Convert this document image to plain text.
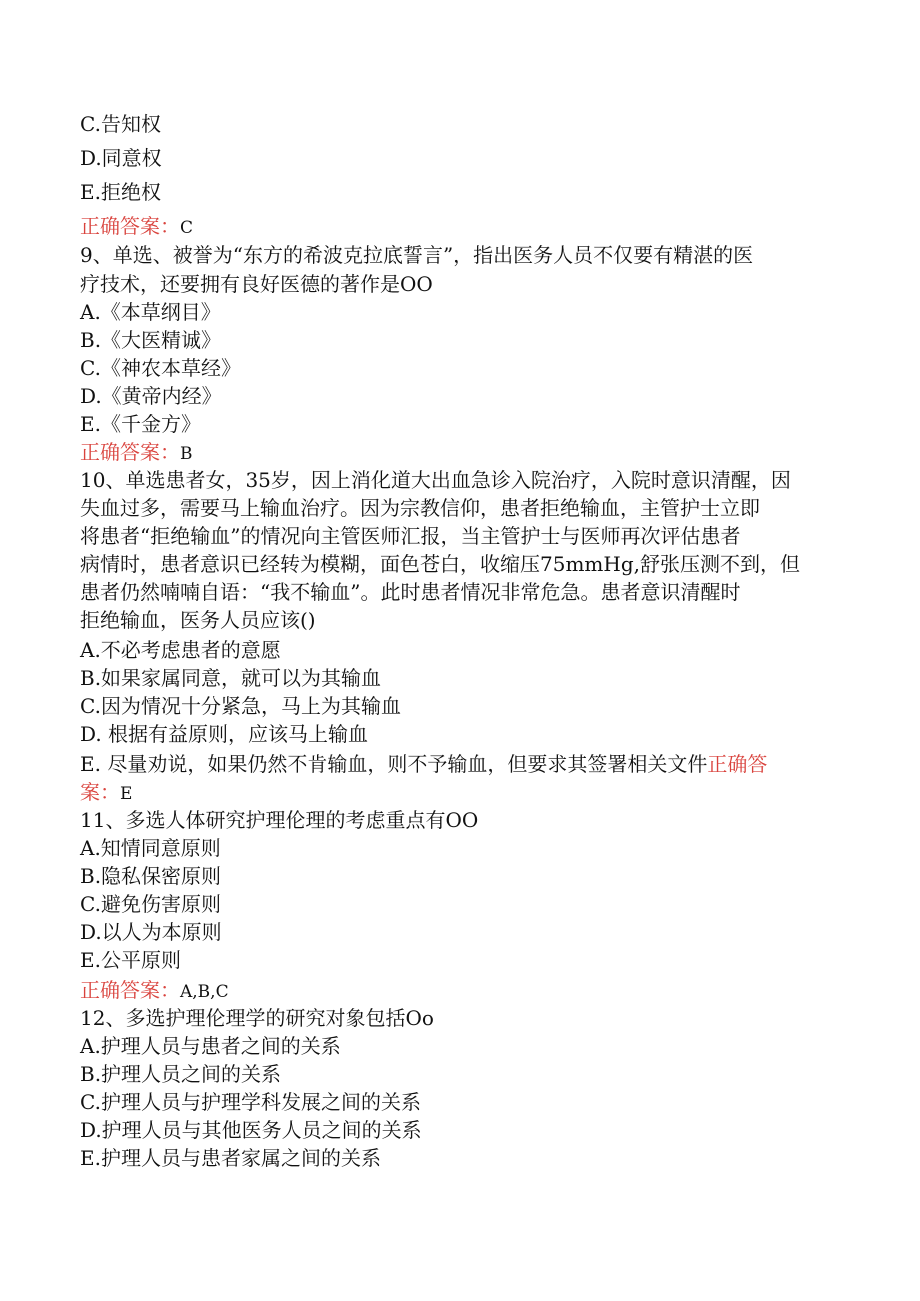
C.告知权
D.同意权
E.拒绝权
正确答案：C
9、单选、被誉为“东方的希波克拉底誓言”，指出医务人员不仅要有精湛的医
疗技术，还要拥有良好医德的著作是OO
A.《本草纲目》
B.《大医精诚》
C.《神农本草经》
D.《黄帝内经》
E.《千金方》
正确答案：B
10、单选患者女，35岁，因上消化道大出血急诊入院治疗，入院时意识清醒，因
失血过多，需要马上输血治疗。因为宗教信仰，患者拒绝输血，主管护士立即
将患者“拒绝输血”的情况向主管医师汇报，当主管护士与医师再次评估患者
病情时，患者意识已经转为模糊，面色苍白，收缩压75mmHg,舒张压测不到，但
患者仍然喃喃自语：“我不输血”。此时患者情况非常危急。患者意识清醒时
拒绝输血，医务人员应该()
A.不必考虑患者的意愿
B.如果家属同意，就可以为其输血
C.因为情况十分紧急，马上为其输血
D. 根据有益原则，应该马上输血
E. 尽量劝说，如果仍然不肯输血，则不予输血，但要求其签署相关文件正确答
案：E
11、多选人体研究护理伦理的考虑重点有OO
A.知情同意原则
B.隐私保密原则
C.避免伤害原则
D.以人为本原则
E.公平原则
正确答案：A,B,C
12、多选护理伦理学的研究对象包括Oo
A.护理人员与患者之间的关系
B.护理人员之间的关系
C.护理人员与护理学科发展之间的关系
D.护理人员与其他医务人员之间的关系
E.护理人员与患者家属之间的关系
